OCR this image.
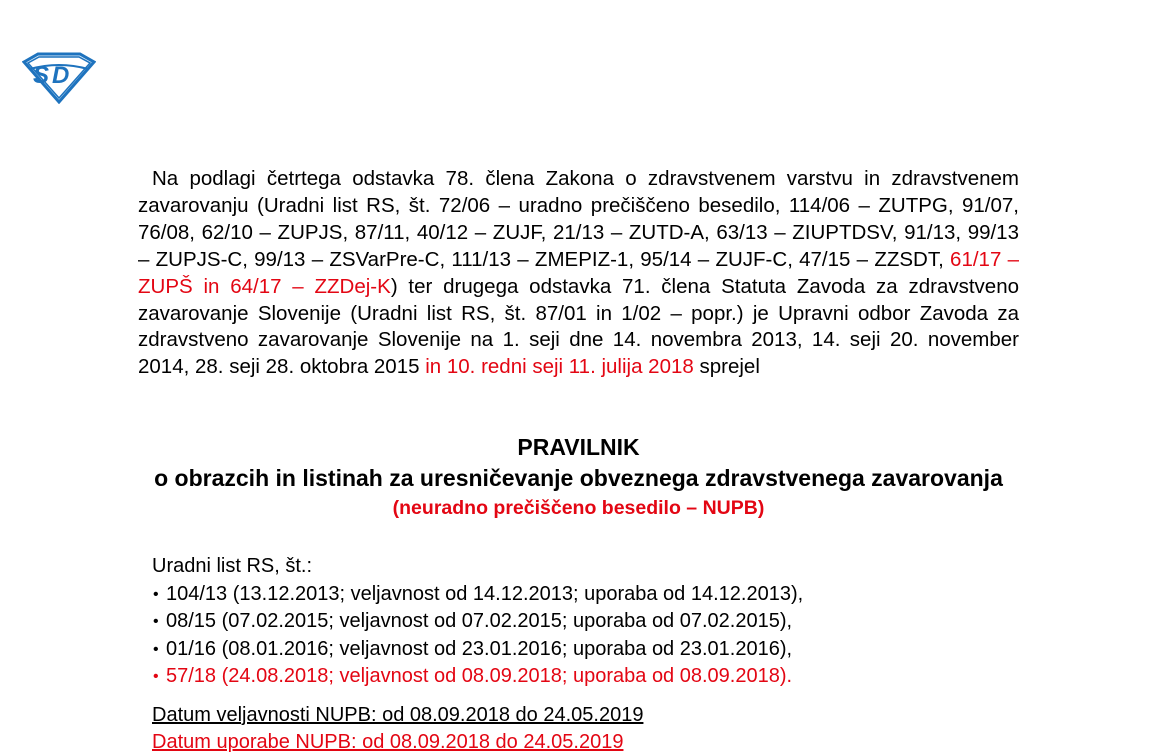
S D
Na podlagi četrtega odstavka 78. člena Zakona o zdravstvenem varstvu in zdravstvenem zavarovanju (Uradni list RS, št. 72/06 – uradno prečiščeno besedilo, 114/06 – ZUTPG, 91/07, 76/08, 62/10 – ZUPJS, 87/11, 40/12 – ZUJF, 21/13 – ZUTD-A, 63/13 – ZIUPTDSV, 91/13, 99/13 – ZUPJS-C, 99/13 – ZSVarPre-C, 111/13 – ZMEPIZ-1, 95/14 – ZUJF-C, 47/15 – ZZSDT, 61/17 – ZUPŠ in 64/17 – ZZDej-K) ter drugega odstavka 71. člena Statuta Zavoda za zdravstveno zavarovanje Slovenije (Uradni list RS, št. 87/01 in 1/02 – popr.) je Upravni odbor Zavoda za zdravstveno zavarovanje Slovenije na 1. seji dne 14. novembra 2013, 14. seji 20. november 2014, 28. seji 28. oktobra 2015 in 10. redni seji 11. julija 2018 sprejel
PRAVILNIK
o obrazcih in listinah za uresničevanje obveznega zdravstvenega zavarovanja
(neuradno prečiščeno besedilo – NUPB)
Uradni list RS, št.:
• 104/13 (13.12.2013; veljavnost od 14.12.2013; uporaba od 14.12.2013),
• 08/15 (07.02.2015; veljavnost od 07.02.2015; uporaba od 07.02.2015),
• 01/16 (08.01.2016; veljavnost od 23.01.2016; uporaba od 23.01.2016),
• 57/18 (24.08.2018; veljavnost od 08.09.2018; uporaba od 08.09.2018).
Datum veljavnosti NUPB: od 08.09.2018 do 24.05.2019
Datum uporabe NUPB: od 08.09.2018 do 24.05.2019
